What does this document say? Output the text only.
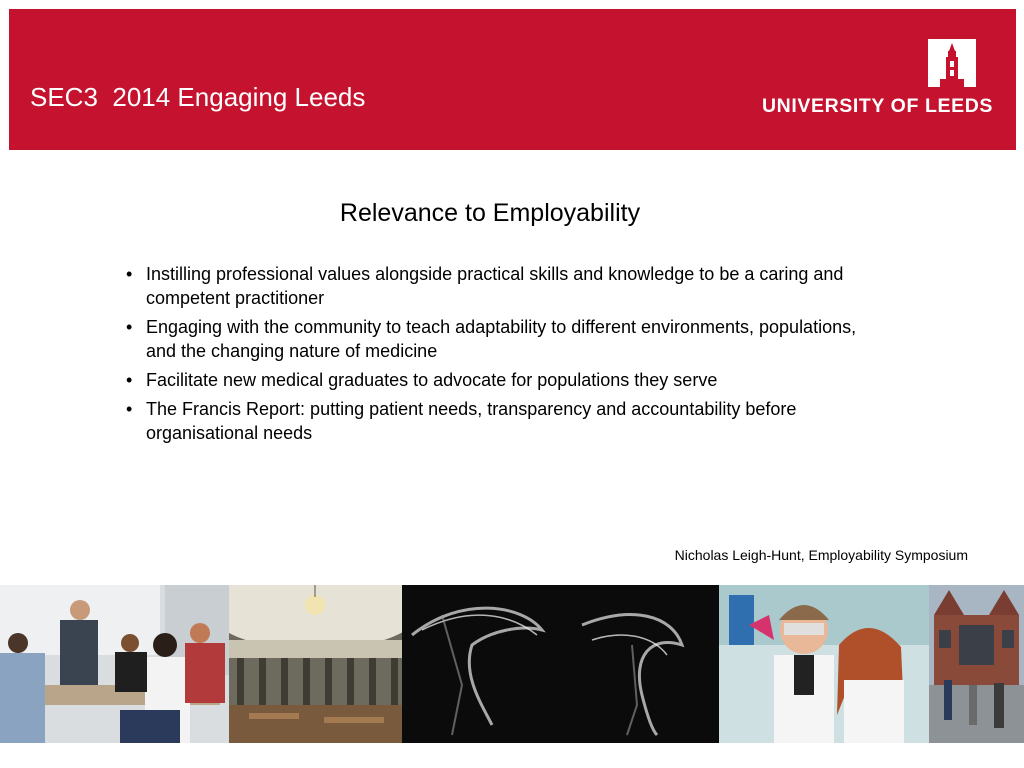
SEC3  2014 Engaging Leeds	UNIVERSITY OF LEEDS
Relevance to Employability
• Instilling professional values alongside practical skills and knowledge to be a caring and competent practitioner
• Engaging with the community to teach adaptability to different environments, populations, and the changing nature of medicine
• Facilitate new medical graduates to advocate for populations they serve
• The Francis Report: putting patient needs, transparency and accountability before organisational needs
Nicholas Leigh-Hunt, Employability Symposium
